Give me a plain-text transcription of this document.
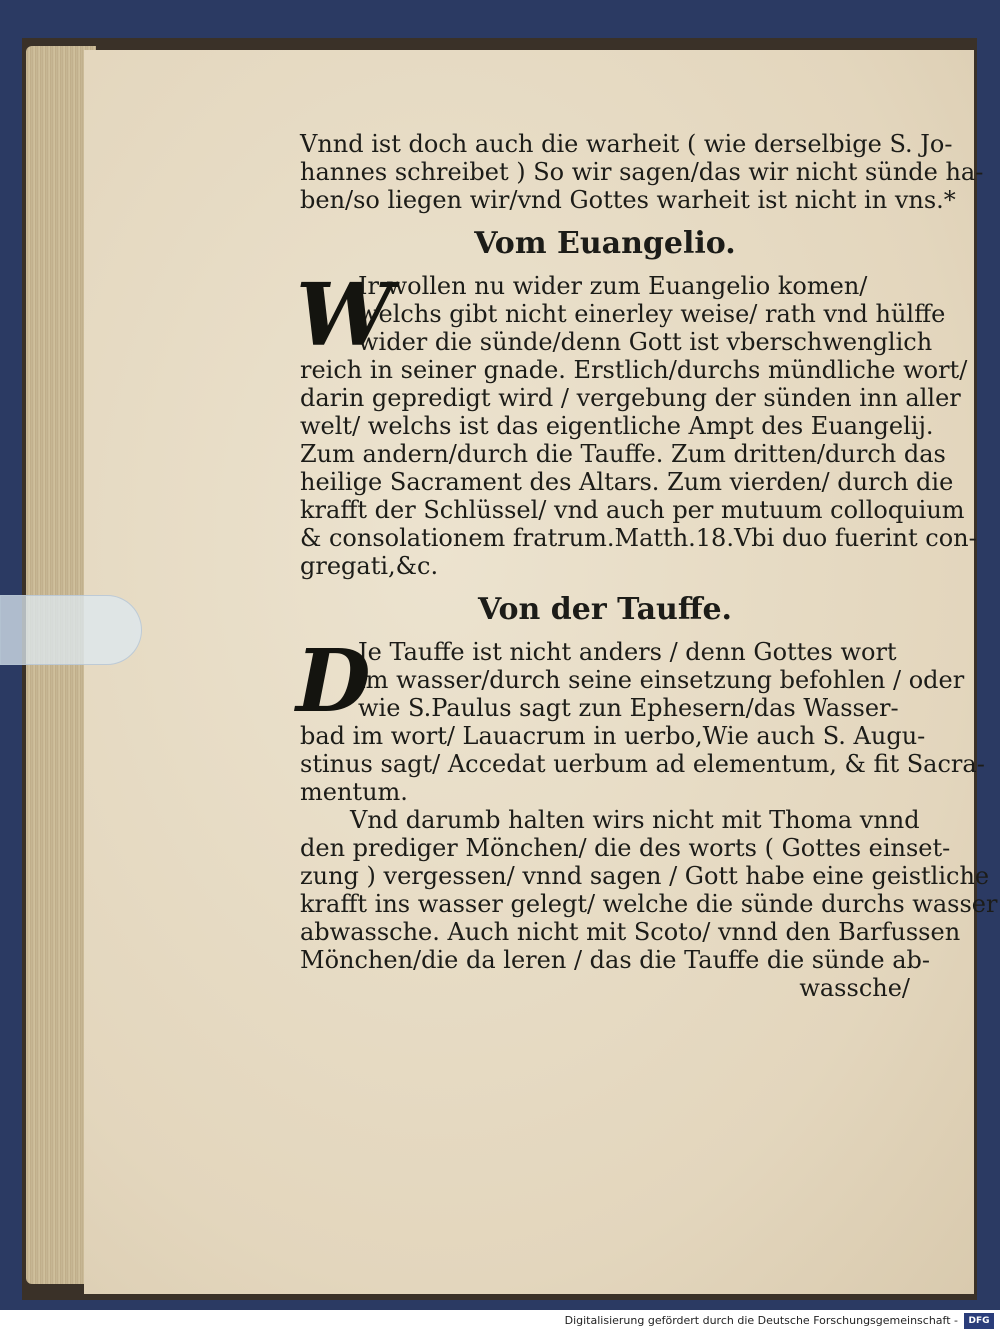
Vnnd ist doch auch die warheit ( wie derselbige S. Jo-
hannes schreibet ) So wir sagen/das wir nicht sünde ha-
ben/so liegen wir/vnd Gottes warheit ist nicht in vns.*
Vom Euangelio.
W
Ir wollen nu wider zum Euangelio komen/
welchs gibt nicht einerley weise/ rath vnd hülffe
wider die sünde/denn Gott ist vberschwenglich
reich in seiner gnade. Erstlich/durchs mündliche wort/
darin gepredigt wird / vergebung der sünden inn aller
welt/ welchs ist das eigentliche Ampt des Euangelij.
Zum andern/durch die Tauffe. Zum dritten/durch das
heilige Sacrament des Altars. Zum vierden/ durch die
krafft der Schlüssel/ vnd auch per mutuum colloquium
& consolationem fratrum.Matth.18.Vbi duo fuerint con-
gregati,&c.
Von der Tauffe.
D
Je Tauffe ist nicht anders / denn Gottes wort
im wasser/durch seine einsetzung befohlen / oder
wie S.Paulus sagt zun Ephesern/das Wasser-
bad im wort/ Lauacrum in uerbo,Wie auch S. Augu-
stinus sagt/ Accedat uerbum ad elementum, & fit Sacra-
mentum.
Vnd darumb halten wirs nicht mit Thoma vnnd
den prediger Mönchen/ die des worts ( Gottes einset-
zung ) vergessen/ vnnd sagen / Gott habe eine geistliche
krafft ins wasser gelegt/ welche die sünde durchs wasser
abwassche. Auch nicht mit Scoto/ vnnd den Barfussen
Mönchen/die da leren / das die Tauffe die sünde ab-
wassche/
Digitalisierung gefördert durch die Deutsche Forschungsgemeinschaft -	DFG
